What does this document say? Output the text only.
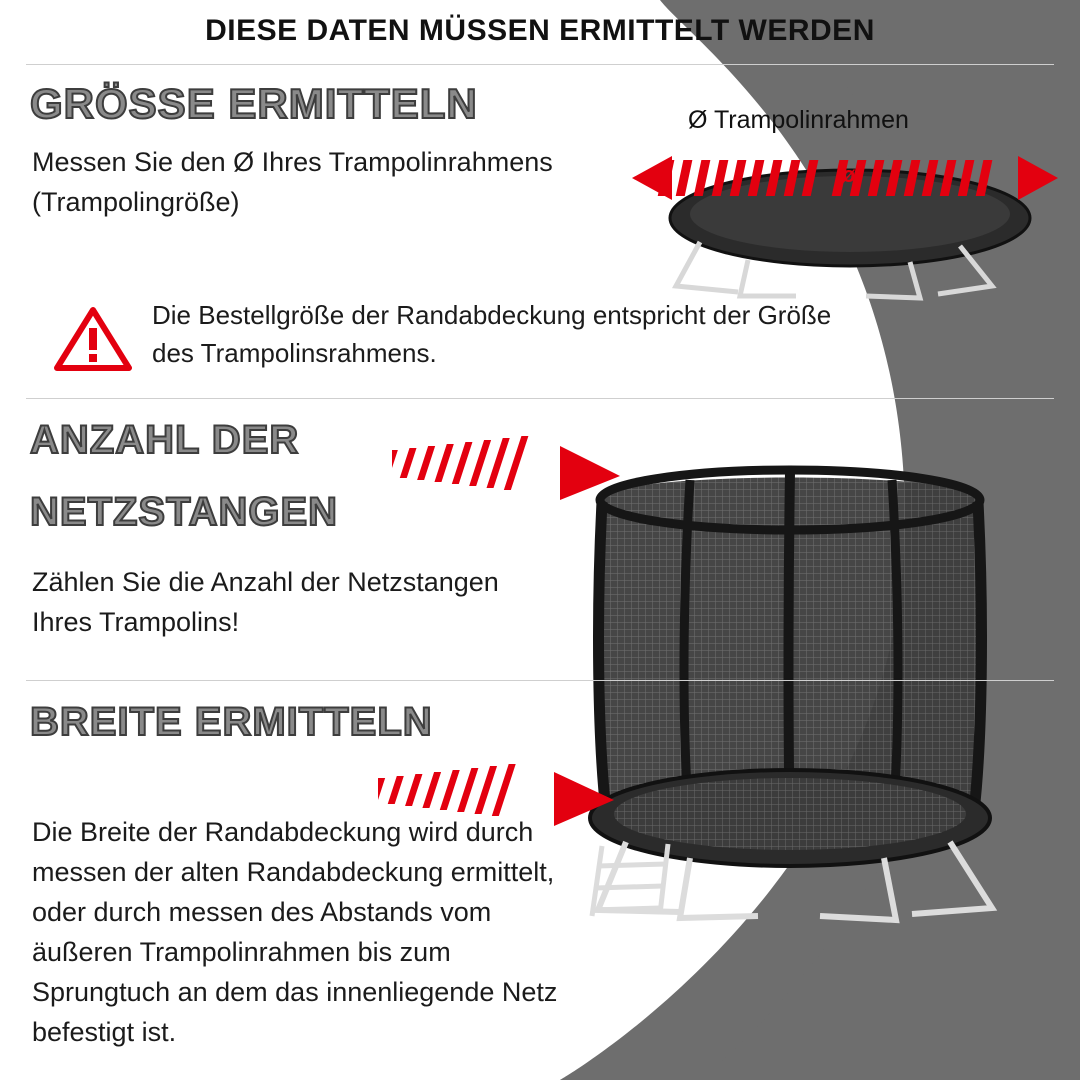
DIESE DATEN MÜSSEN ERMITTELT WERDEN
GRÖSSE ERMITTELN
Messen Sie den Ø Ihres Trampolinrahmens (Trampolingröße)
Die Bestellgröße der Randabdeckung entspricht der Größe des Trampolinsrahmens.
Ø Trampolinrahmen
ø
ANZAHL DER
NETZSTANGEN
Zählen Sie die Anzahl der Netzstangen Ihres Trampolins!
BREITE ERMITTELN
Die Breite der Randabdeckung wird durch messen der alten Randabdeckung ermittelt, oder durch messen des Abstands vom äußeren Trampolinrahmen bis zum Sprungtuch an dem das innenliegende Netz befestigt ist.
